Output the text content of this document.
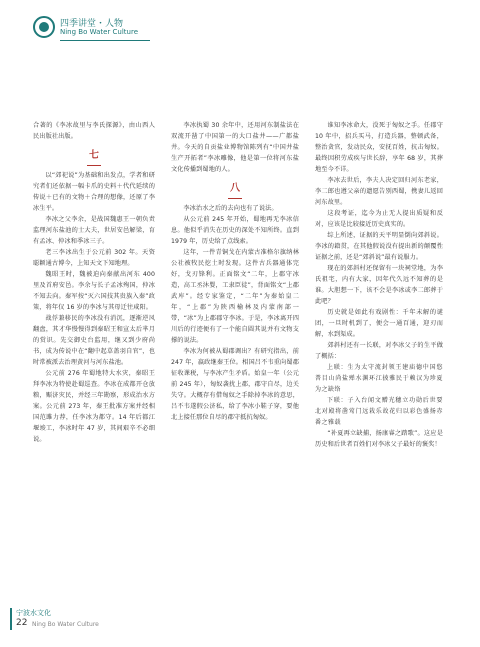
四季讲堂・人物
Ning Bo Water Culture

合著的《李冰故里与李氏探源》，由山西人民出版社出版。

七

以“郊祀说”为基础和出发点，学者和研究者们还依据一幅卡爪的史料＋代代延续的传说＋已有的文物＋合理的想像，还原了李冰生平。

李冰之父李余，是战国魏惠王一朝负责监理河东盐池的士大夫，世居安邑解梁，育有孟冰、仲冰和季冰三子。

老三李冰出生于公元前 302 年。天资聪颖通古博今，上知天文下知地理。

魏昭王时，魏被迫向秦献出河东 400 里及首府安邑。李余与长子孟冰殉国，仲冰不知去向。秦军按“灭六国技其贵族入秦”政策，将年仅 16 岁的李冰与其母迁往咸阳。

战俘兼移民的李冰没有消沉，逐渐逆风翻盘，其才华慢慢得到秦昭王和宣太后芈月的赏识。先交御史台监用，继又到少府尚书，成为传说中在“翻中起草盖羽自官”，也时常被派去治理黄河与河东盐池。

公元前 276 年蜀地特大水灾，秦昭王拜李冰为特使赴蜀巡查。李冰在成都开仓放粮，赈济灾民，并经三年勘察，形成治水方案。公元前 273 年，秦王批准方案并经相国范雎力荐，任李冰为都守。14 年后都江堰竣工，李冰时年 47 岁，其间艰辛不必细说。

李冰执蜀 30 余年中，还用河东制盐法在双流开凿了中国第一的大口盐井——广都盐井。今天的自贡盐业博物馆陈列有“中国井盐生产开拓者”李冰雕像，他是第一位将河东盐文化传播到蜀地的人。

八

李冰治水之后的去向也有了说法。

从公元前 245 年开始，蜀地再无李冰信息。他似乎消失在历史的深处不知所终。直到 1979 年，历史给了点线索。

这年，一件青铜戈在内蒙古准格尔旗纳林公社被牧民挖土时发现。这件古兵器通体完好，戈刃锋利。正面铭文“二年，上郡守冰造，高工丞沐婴，工隶臣徒”，背面铭文“上郡武库”。经专家鉴定，“二年”为秦始皇二年，“上郡”为陕西榆林及内蒙南部一带，“冰”为上郡郡守李冰。于是，李冰离开四川后的行迹便有了一个能自圆其说并有文物支撑的说法。

李冰为何被从蜀郡调出？有研究指出，前 247 年，嬴政继秦王位。相国吕不韦重向蜀郡征收课税，与李冰产生矛盾。始皇一年（公元前 245 年），匈奴袭扰上郡，郡守自尽，边关失守。大概存有借匈奴之手除掉李冰的意思，吕不韦遂假公济私，给了李冰小鞋子穿，要他北上接任那位自尽的郡守抵抗匈奴。

谁知李冰命大，没死于匈奴之手。任郡守 10 年中，招兵买马，打造兵器，整顿武备，整治贪官，发动民众，安抚百姓，抗击匈奴。最终因积劳成疾与世长辞，享年 68 岁，其葬地至今不详。

李冰去世后，李夫人决定回归河东老家，李二郎也遵父亲的遗愿告别西蜀，携妻儿返回河东故里。

这段考证，迄今为止无人提出质疑和反对，应该是比较接近历史真实的。

综上所述，证据的天平明显倒向郊斜说。李冰的籍贯，在其他假说没有提出新的颠覆性证据之前，还是“郊斜说”最有说服力。

现在的郊斜村还保留有一块祠堂地，为李氏祖宅，内有大家，因年代久远不知葬的是谁。大胆想一下，该不会是李冰或李二郎葬于此吧？

历史就是如此有戏剧性：千年未解的谜团，一旦时机到了，便会一通百通，迎刃而解，水到渠成。

郊斜村还有一长联，对李冰父子的生平做了概括：

上联：生为太守流封领王建庙德中国悠普目山尚盐殚水渊环江披雅民于赖汉为珍夏为之缺络

下联：子入台闻文赠光穗立功勋后世要北对殿将凿莺门远栽乐故花归以彩色盛扬赤番之雅载

“补夏再立缺捕，扬康睿之踏歌”。这应是历史和后世者百姓们对李冰父子最好的褒奖！

宁波水文化
22 Ning Bo Water Culture
